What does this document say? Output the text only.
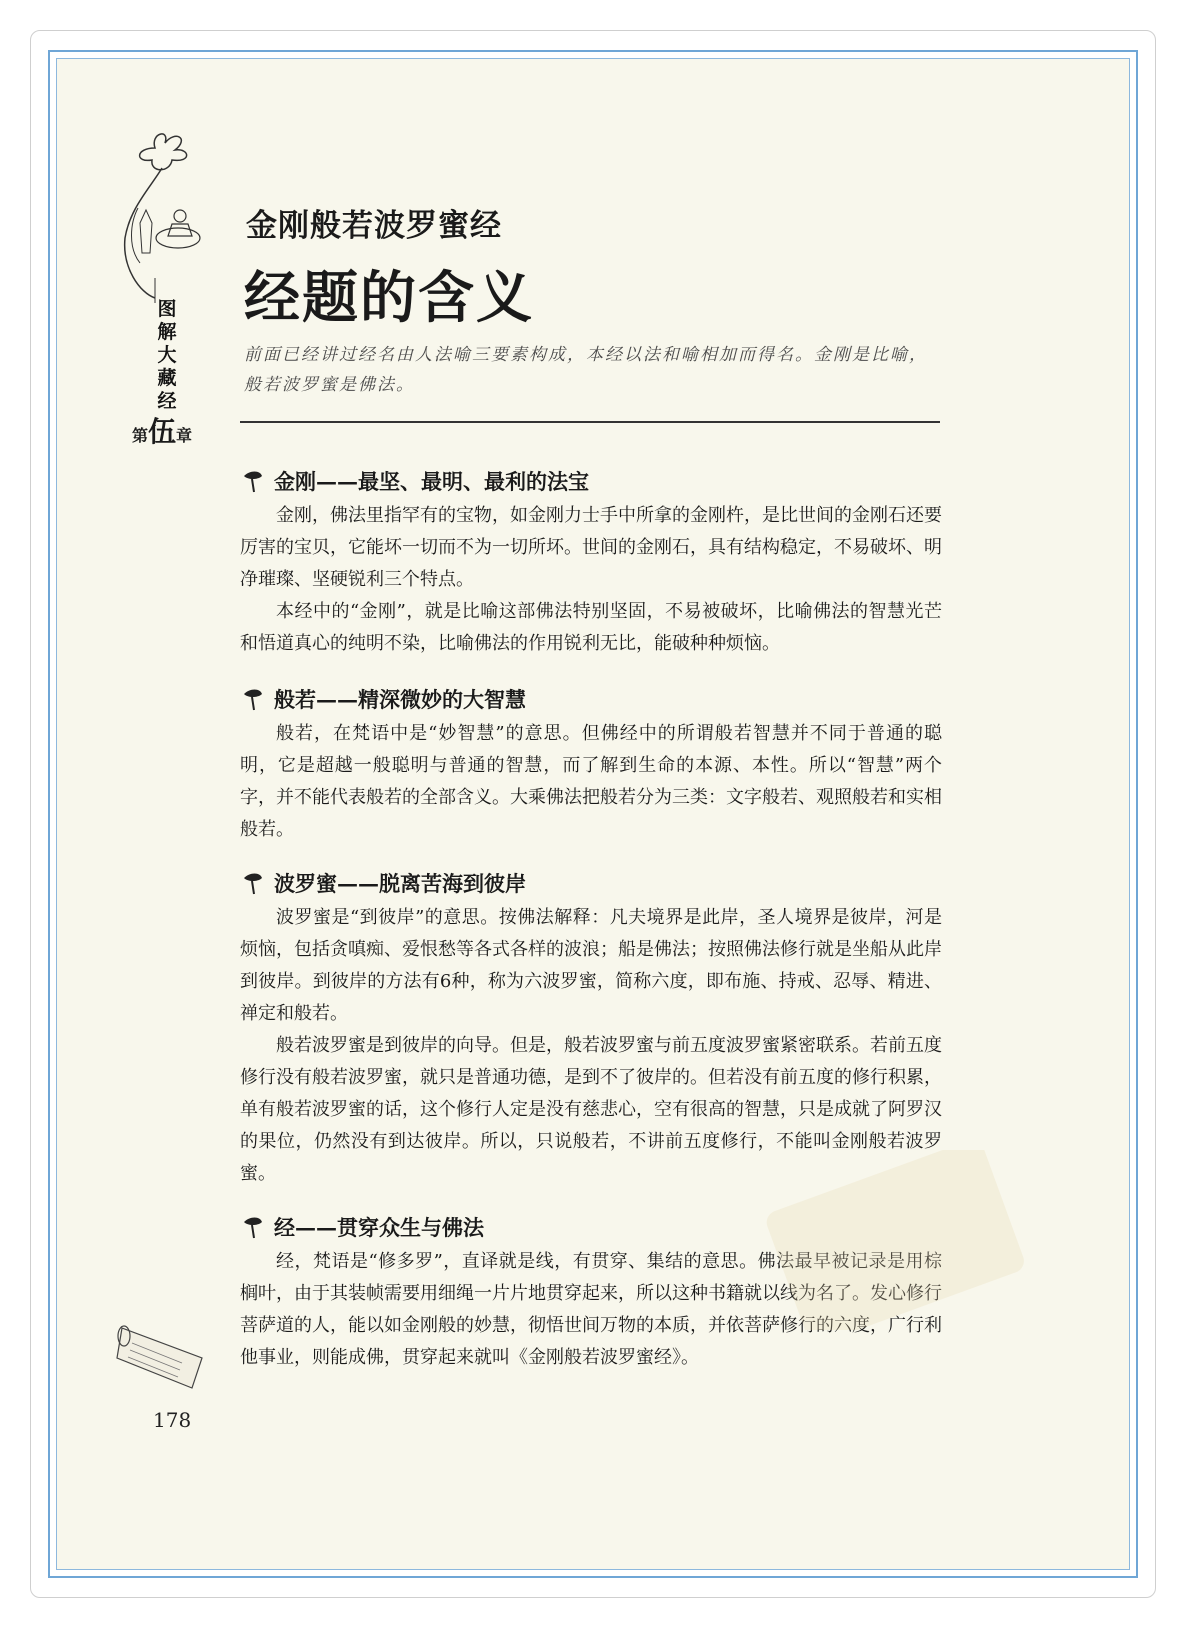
图解大藏经
第伍章
金刚般若波罗蜜经
经题的含义
前面已经讲过经名由人法喻三要素构成，本经以法和喻相加而得名。金刚是比喻，般若波罗蜜是佛法。
金刚——最坚、最明、最利的法宝

金刚，佛法里指罕有的宝物，如金刚力士手中所拿的金刚杵，是比世间的金刚石还要厉害的宝贝，它能坏一切而不为一切所坏。世间的金刚石，具有结构稳定，不易破坏、明净璀璨、坚硬锐利三个特点。

本经中的“金刚”，就是比喻这部佛法特别坚固，不易被破坏，比喻佛法的智慧光芒和悟道真心的纯明不染，比喻佛法的作用锐利无比，能破种种烦恼。

般若——精深微妙的大智慧

般若，在梵语中是“妙智慧”的意思。但佛经中的所谓般若智慧并不同于普通的聪明，它是超越一般聪明与普通的智慧，而了解到生命的本源、本性。所以“智慧”两个字，并不能代表般若的全部含义。大乘佛法把般若分为三类：文字般若、观照般若和实相般若。

波罗蜜——脱离苦海到彼岸

波罗蜜是“到彼岸”的意思。按佛法解释：凡夫境界是此岸，圣人境界是彼岸，河是烦恼，包括贪嗔痴、爱恨愁等各式各样的波浪；船是佛法；按照佛法修行就是坐船从此岸到彼岸。到彼岸的方法有6种，称为六波罗蜜，简称六度，即布施、持戒、忍辱、精进、禅定和般若。

般若波罗蜜是到彼岸的向导。但是，般若波罗蜜与前五度波罗蜜紧密联系。若前五度修行没有般若波罗蜜，就只是普通功德，是到不了彼岸的。但若没有前五度的修行积累，单有般若波罗蜜的话，这个修行人定是没有慈悲心，空有很高的智慧，只是成就了阿罗汉的果位，仍然没有到达彼岸。所以，只说般若，不讲前五度修行，不能叫金刚般若波罗蜜。

经——贯穿众生与佛法

经，梵语是“修多罗”，直译就是线，有贯穿、集结的意思。佛法最早被记录是用棕榈叶，由于其装帧需要用细绳一片片地贯穿起来，所以这种书籍就以线为名了。发心修行菩萨道的人，能以如金刚般的妙慧，彻悟世间万物的本质，并依菩萨修行的六度，广行利他事业，则能成佛，贯穿起来就叫《金刚般若波罗蜜经》。

178
